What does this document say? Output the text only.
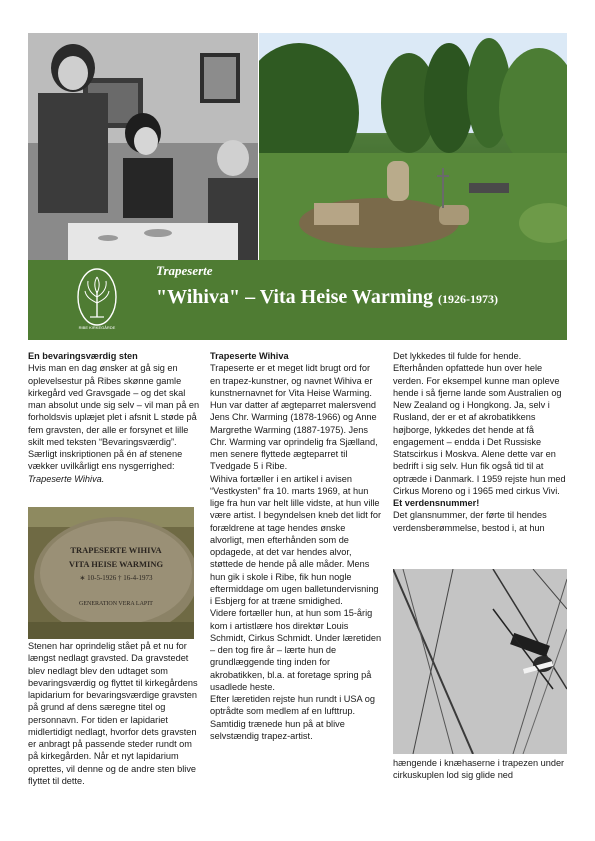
RIBE KIRKEGÅRDE
Trapeserte
"Wihiva" – Vita Heise Warming (1926-1973)

En bevaringsværdig sten

Hvis man en dag ønsker at gå sig en oplevelsestur på Ribes skønne gamle kirkegård ved Gravsgade – og det skal man absolut unde sig selv – vil man på en forholdsvis uplæjet plet i afsnit L støde på fem gravsten, der alle er forsynet et lille skilt med teksten “Bevaringsværdig”. Særligt inskriptionen på én af stenene vækker uvilkårligt ens nysgerrighed: Trapeserte Wihiva.

TRAPESERTE WIHIVA
VITA HEISE WARMING
∗ 10-5-1926 † 16-4-1973
GENERATION VERA LAPIT

Stenen har oprindelig stået på et nu for længst nedlagt gravsted. Da gravstedet blev nedlagt blev den udtaget som bevaringsværdig og flyttet til kirkegårdens lapidarium for bevaringsværdige gravsten på grund af dens særegne titel og personnavn. For tiden er lapidariet midlertidigt nedlagt, hvorfor dets gravsten er anbragt på passende steder rundt om på kirkegården. Når et nyt lapidarium oprettes, vil denne og de andre sten blive flyttet til dette.

Trapeserte Wihiva

Trapeserte er et meget lidt brugt ord for en trapez-kunstner, og navnet Wihiva er kunstnernavnet for Vita Heise Warming. Hun var datter af ægteparret malersvend Jens Chr. Warming (1878-1966) og Anne Margrethe Warming (1887-1975). Jens Chr. Warming var oprindelig fra Sjælland, men senere flyttede ægteparret til Tvedgade 5 i Ribe.

Wihiva fortæller i en artikel i avisen “Vestkysten” fra 10. marts 1969, at hun lige fra hun var helt lille vidste, at hun ville være artist. I begyndelsen kneb det lidt for forældrene at tage hendes ønske alvorligt, men efterhånden som de opdagede, at det var hendes alvor, støttede de hende på alle måder. Mens hun gik i skole i Ribe, fik hun nogle eftermiddage om ugen balletundervisning i Esbjerg for at træne smidighed.

Videre fortæller hun, at hun som 15-årig kom i artistlære hos direktør Louis Schmidt, Cirkus Schmidt. Under læretiden – den tog fire år – lærte hun de grundlæggende ting inden for akrobatikken, bl.a. at foretage spring på usadlede heste.

Efter læretiden rejste hun rundt i USA og optrådte som medlem af en lufttrup. Samtidig trænede hun på at blive selvstændig trapez-artist.

Det lykkedes til fulde for hende. Efterhånden opfattede hun over hele verden. For eksempel kunne man opleve hende i så fjerne lande som Australien og New Zealand og i Hongkong. Ja, selv i Rusland, der er et af akrobatikkens højborge, lykkedes det hende at få engagement – endda i Det Russiske Statscirkus i Moskva. Alene dette var en bedrift i sig selv. Hun fik også tid til at optræde i Danmark. I 1959 rejste hun med Cirkus Moreno og i 1965 med cirkus Vivi.

Et verdensnummer!

Det glansnummer, der førte til hendes verdensberømmelse, bestod i, at hun

hængende i knæhaserne i trapezen under cirkuskuplen lod sig glide ned
